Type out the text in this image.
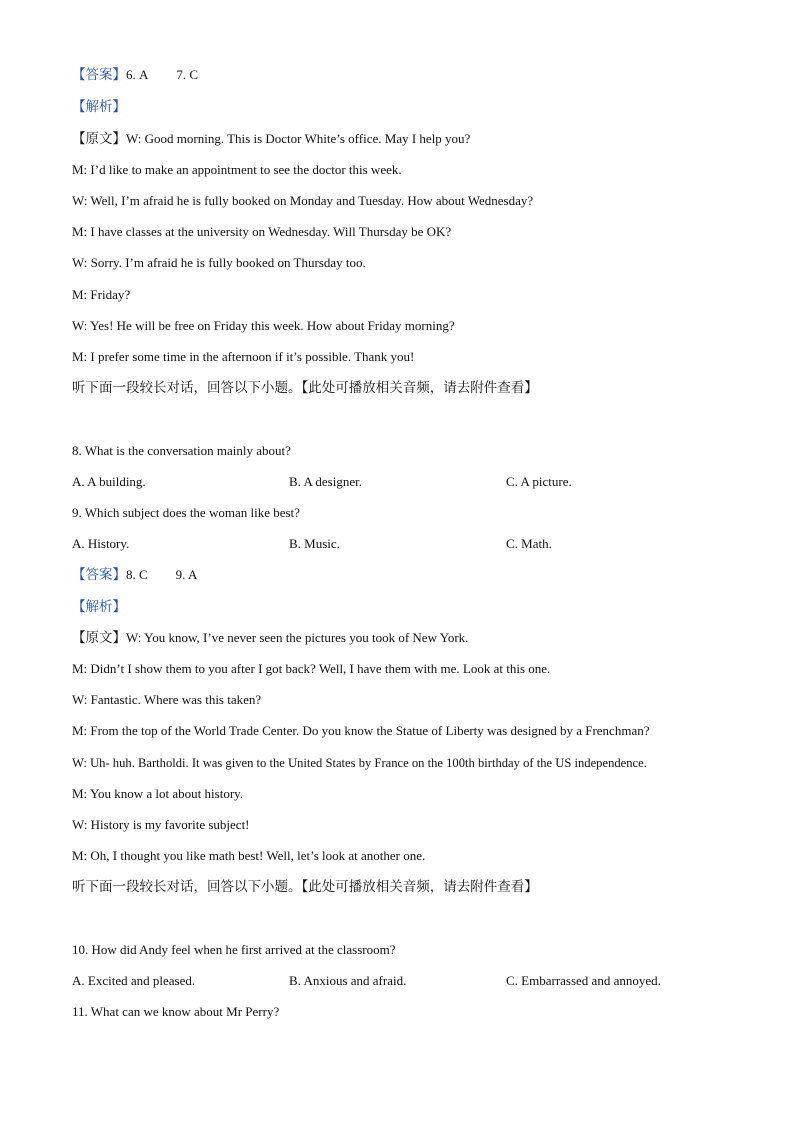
【答案】6. A 7. C
【解析】
【原文】W: Good morning. This is Doctor White’s office. May I help you?
M: I’d like to make an appointment to see the doctor this week.
W: Well, I’m afraid he is fully booked on Monday and Tuesday. How about Wednesday?
M: I have classes at the university on Wednesday. Will Thursday be OK?
W: Sorry. I’m afraid he is fully booked on Thursday too.
M: Friday?
W: Yes! He will be free on Friday this week. How about Friday morning?
M: I prefer some time in the afternoon if it’s possible. Thank you!
听下面一段较长对话，回答以下小题。【此处可播放相关音频，请去附件查看】
8. What is the conversation mainly about?
A. A building.	B. A designer.	C. A picture.
9. Which subject does the woman like best?
A. History.	B. Music.	C. Math.
【答案】8. C 9. A
【解析】
【原文】W: You know, I’ve never seen the pictures you took of New York.
M: Didn’t I show them to you after I got back? Well, I have them with me. Look at this one.
W: Fantastic. Where was this taken?
M: From the top of the World Trade Center. Do you know the Statue of Liberty was designed by a Frenchman?
W: Uh- huh. Bartholdi. It was given to the United States by France on the 100th birthday of the US independence.
M: You know a lot about history.
W: History is my favorite subject!
M: Oh, I thought you like math best! Well, let’s look at another one.
听下面一段较长对话，回答以下小题。【此处可播放相关音频，请去附件查看】
10. How did Andy feel when he first arrived at the classroom?
A. Excited and pleased.	B. Anxious and afraid.	C. Embarrassed and annoyed.
11. What can we know about Mr Perry?
